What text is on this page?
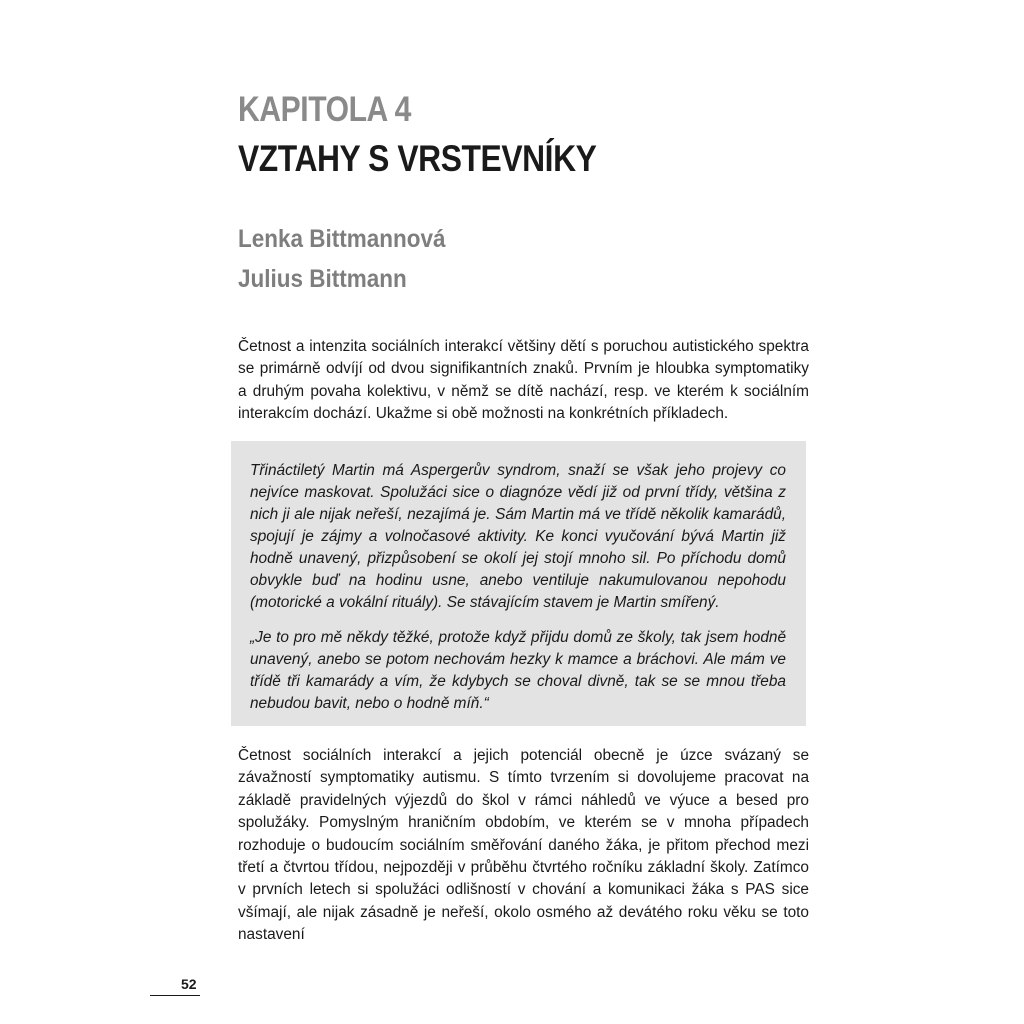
KAPITOLA 4
VZTAHY S VRSTEVNÍKY
Lenka Bittmannová
Julius Bittmann

Četnost a intenzita sociálních interakcí většiny dětí s poruchou autistického spektra se primárně odvíjí od dvou signifikantních znaků. Prvním je hloubka symptomatiky a druhým povaha kolektivu, v němž se dítě nachází, resp. ve kterém k sociálním interakcím dochází. Ukažme si obě možnosti na konkrétních příkladech.

Třináctiletý Martin má Aspergerův syndrom, snaží se však jeho projevy co nejvíce maskovat. Spolužáci sice o diagnóze vědí již od první třídy, většina z nich ji ale nijak neřeší, nezajímá je. Sám Martin má ve třídě několik kamarádů, spojují je zájmy a volnočasové aktivity. Ke konci vyučování bývá Martin již hodně unavený, přizpůsobení se okolí jej stojí mnoho sil. Po příchodu domů obvykle buď na hodinu usne, anebo ventiluje nakumulovanou nepohodu (motorické a vokální rituály). Se stávajícím stavem je Martin smířený.

„Je to pro mě někdy těžké, protože když přijdu domů ze školy, tak jsem hodně unavený, anebo se potom nechovám hezky k mamce a bráchovi. Ale mám ve třídě tři kamarády a vím, že kdybych se choval divně, tak se se mnou třeba nebudou bavit, nebo o hodně míň.“

Četnost sociálních interakcí a jejich potenciál obecně je úzce svázaný se závažností symptomatiky autismu. S tímto tvrzením si dovolujeme pracovat na základě pravidelných výjezdů do škol v rámci náhledů ve výuce a besed pro spolužáky. Pomyslným hraničním obdobím, ve kterém se v mnoha případech rozhoduje o budoucím sociálním směřování daného žáka, je přitom přechod mezi třetí a čtvrtou třídou, nejpozději v průběhu čtvrtého ročníku základní školy. Zatímco v prvních letech si spolužáci odlišností v chování a komunikaci žáka s PAS sice všímají, ale nijak zásadně je neřeší, okolo osmého až devátého roku věku se toto nastavení

52
